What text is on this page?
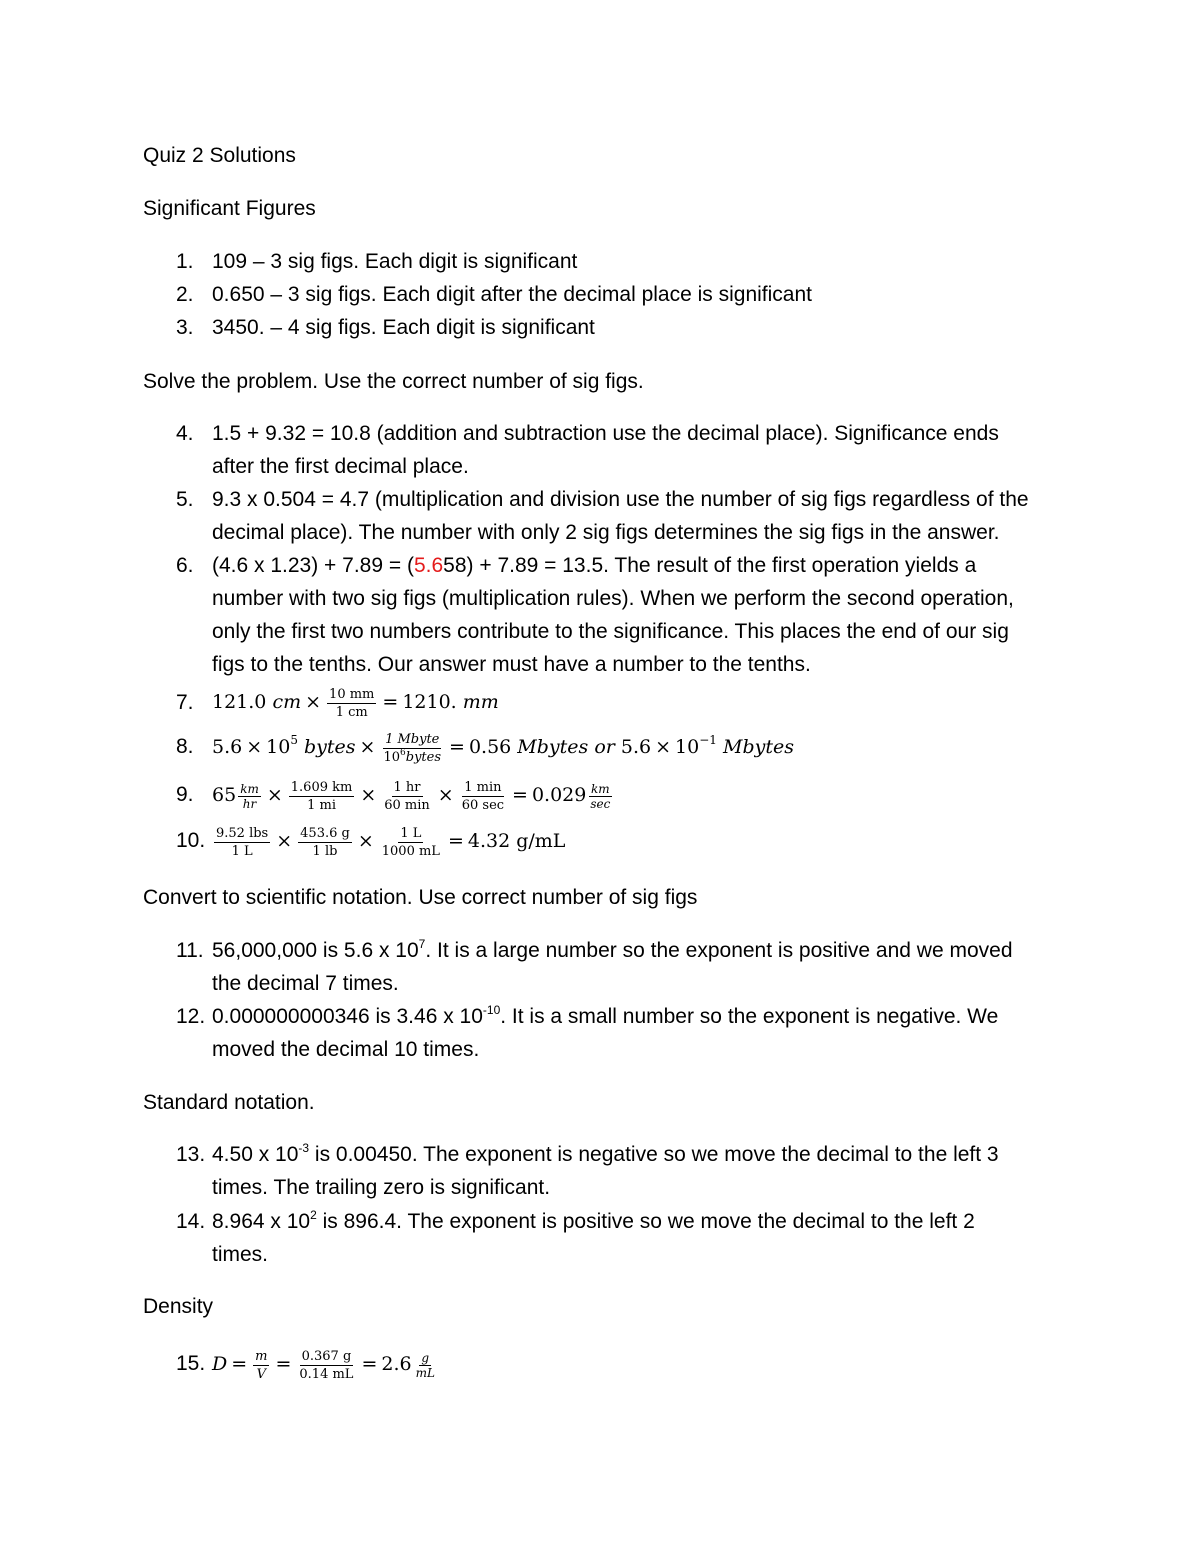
Quiz 2 Solutions
Significant Figures
1. 109 – 3 sig figs. Each digit is significant
2. 0.650 – 3 sig figs. Each digit after the decimal place is significant
3. 3450. – 4 sig figs. Each digit is significant
Solve the problem. Use the correct number of sig figs.
4. 1.5 + 9.32 = 10.8 (addition and subtraction use the decimal place). Significance ends
after the first decimal place.
5. 9.3 x 0.504 = 4.7 (multiplication and division use the number of sig figs regardless of the
decimal place). The number with only 2 sig figs determines the sig figs in the answer.
6. (4.6 x 1.23) + 7.89 = (5.658) + 7.89 = 13.5. The result of the first operation yields a
number with two sig figs (multiplication rules). When we perform the second operation,
only the first two numbers contribute to the significance. This places the end of our sig
figs to the tenths. Our answer must have a number to the tenths.
7. 121.0 cm × $\frac{10 mm}{1 cm} = 1210$. mm
8. $5.6 \times 10^5$ bytes × $\frac{\text{1 Mbyte}}{10^6bytes} = 0.56$ Mbytes or $5.6 \times 10^{-1}$ Mbytes
9. $65 \frac{km}{hr} \times \frac{1.609 km}{1 mi} \times \frac{1 hr}{60 \min} \times \frac{1 \min}{60 \sec} = 0.029 \frac{km}{\sec}$
10. $\frac{\text{9.52 lbs}}{1 L} \times \frac{453.6 g}{1 lb} \times \frac{1 L}{1000 mL} = 4.32$ g/mL
Convert to scientific notation. Use correct number of sig figs
11. 56,000,000 is 5.6 x $10^7$. It is a large number so the exponent is positive and we moved
the decimal 7 times.
12. 0.000000000346 is 3.46 x $10^{-10}$. It is a small number so the exponent is negative. We
moved the decimal 10 times.
Standard notation.
13. 4.50 x $10^{-3}$ is 0.00450. The exponent is negative so we move the decimal to the left 3
times. The trailing zero is significant.
14. 8.964 x $10^2$ is 896.4. The exponent is positive so we move the decimal to the left 2
times.
Density
15. $D = \frac{m}{V} = \frac{0.367 g}{0.14 mL} = 2.6 \frac{g}{mL}$
